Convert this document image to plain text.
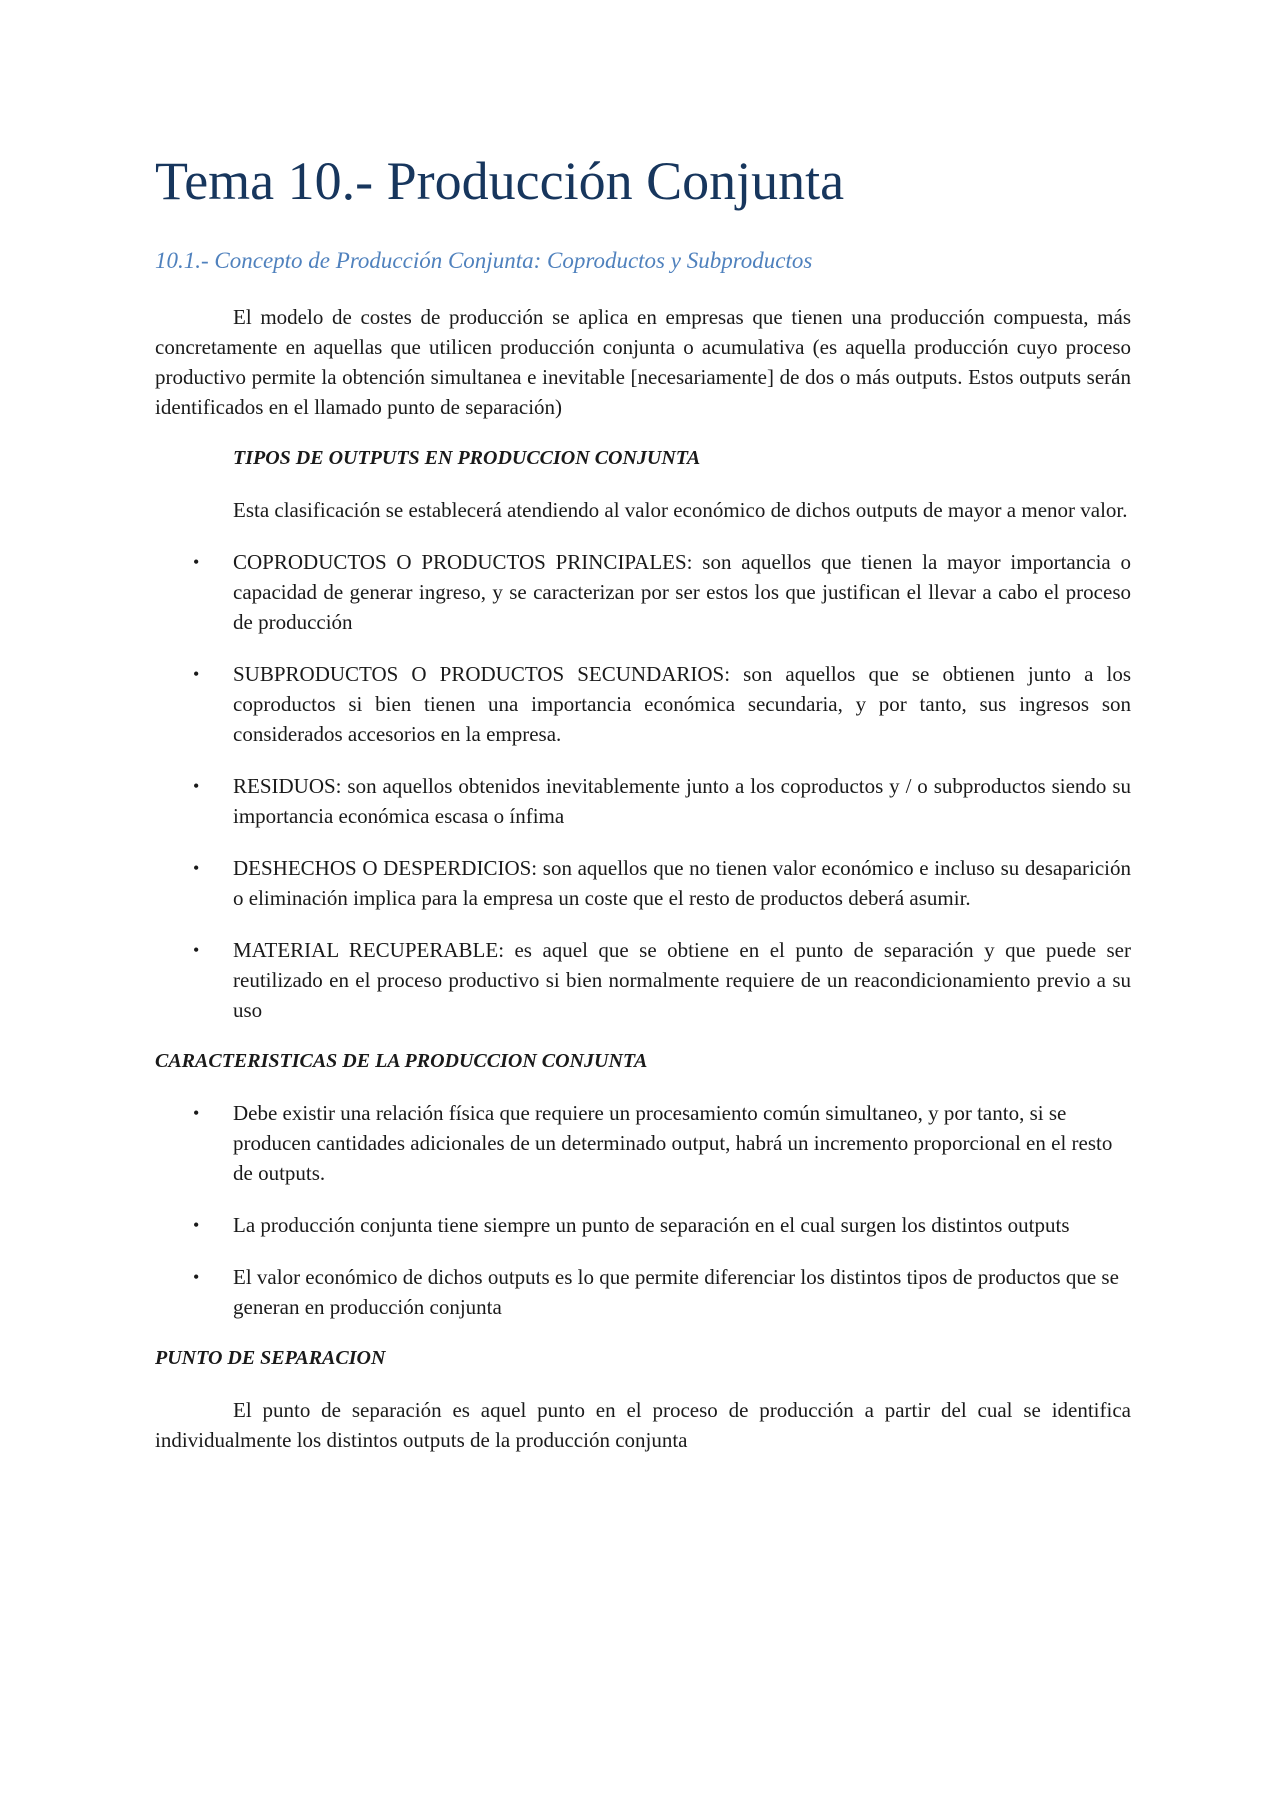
Tema 10.- Producción Conjunta
10.1.- Concepto de Producción Conjunta: Coproductos y Subproductos

El modelo de costes de producción se aplica en empresas que tienen una producción compuesta, más concretamente en aquellas que utilicen producción conjunta o acumulativa (es aquella producción cuyo proceso productivo permite la obtención simultanea e inevitable [necesariamente] de dos o más outputs. Estos outputs serán identificados en el llamado punto de separación)

TIPOS DE OUTPUTS EN PRODUCCION CONJUNTA

Esta clasificación se establecerá atendiendo al valor económico de dichos outputs de mayor a menor valor.

• COPRODUCTOS O PRODUCTOS PRINCIPALES: son aquellos que tienen la mayor importancia o capacidad de generar ingreso, y se caracterizan por ser estos los que justifican el llevar a cabo el proceso de producción
• SUBPRODUCTOS O PRODUCTOS SECUNDARIOS: son aquellos que se obtienen junto a los coproductos si bien tienen una importancia económica secundaria, y por tanto, sus ingresos son considerados accesorios en la empresa.
• RESIDUOS: son aquellos obtenidos inevitablemente junto a los coproductos y / o subproductos siendo su importancia económica escasa o ínfima
• DESHECHOS O DESPERDICIOS: son aquellos que no tienen valor económico e incluso su desaparición o eliminación implica para la empresa un coste que el resto de productos deberá asumir.
• MATERIAL RECUPERABLE: es aquel que se obtiene en el punto de separación y que puede ser reutilizado en el proceso productivo si bien normalmente requiere de un reacondicionamiento previo a su uso

CARACTERISTICAS DE LA PRODUCCION CONJUNTA

• Debe existir una relación física que requiere un procesamiento común simultaneo, y por tanto, si se producen cantidades adicionales de un determinado output, habrá un incremento proporcional en el resto de outputs.
• La producción conjunta tiene siempre un punto de separación en el cual surgen los distintos outputs
• El valor económico de dichos outputs es lo que permite diferenciar los distintos tipos de productos que se generan en producción conjunta

PUNTO DE SEPARACION

El punto de separación es aquel punto en el proceso de producción a partir del cual se identifica individualmente los distintos outputs de la producción conjunta
